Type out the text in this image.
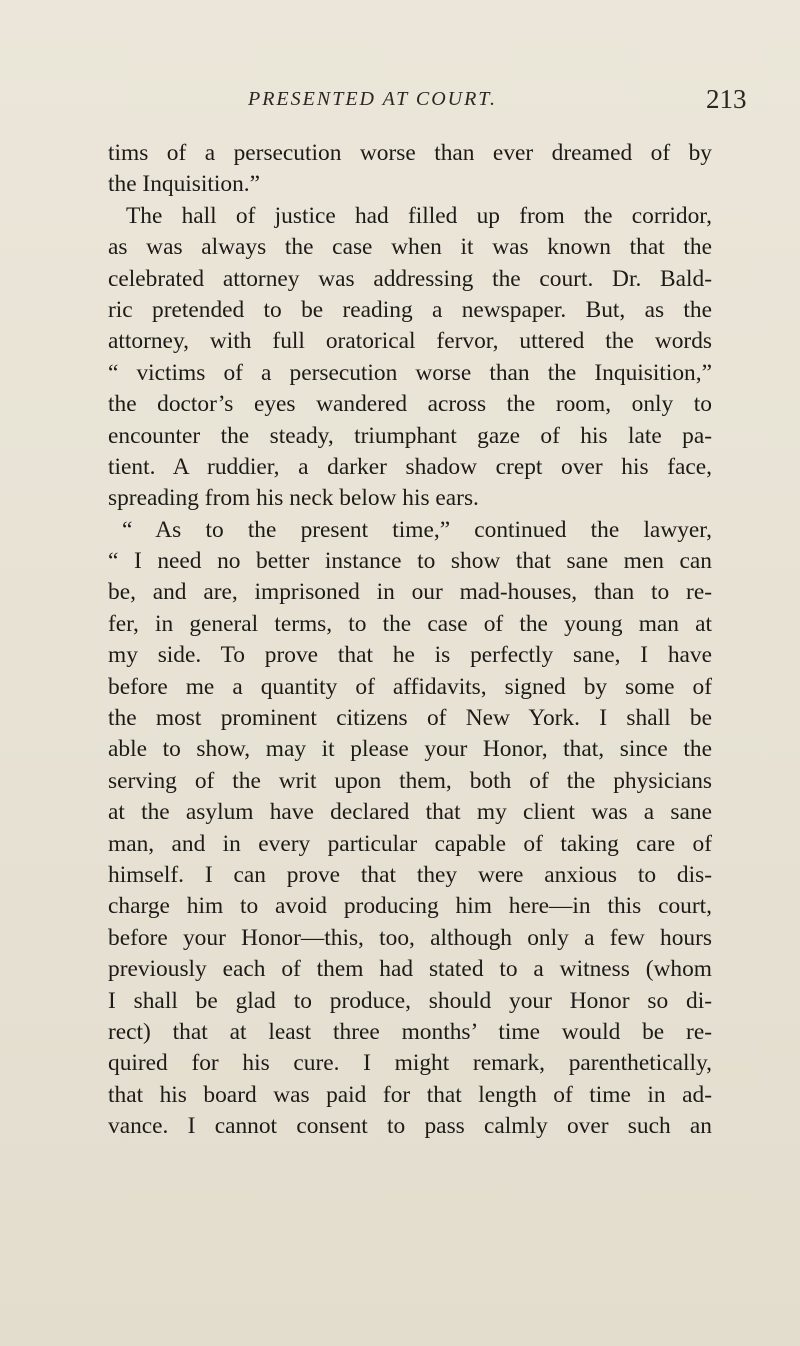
PRESENTED AT COURT.	213
tims of a persecution worse than ever dreamed of by
the Inquisition.”
The hall of justice had filled up from the corridor,
as was always the case when it was known that the
celebrated attorney was addressing the court. Dr. Bald-
ric pretended to be reading a newspaper. But, as the
attorney, with full oratorical fervor, uttered the words
“ victims of a persecution worse than the Inquisition,”
the doctor’s eyes wandered across the room, only to
encounter the steady, triumphant gaze of his late pa-
tient. A ruddier, a darker shadow crept over his face,
spreading from his neck below his ears.
“ As to the present time,” continued the lawyer,
“ I need no better instance to show that sane men can
be, and are, imprisoned in our mad-houses, than to re-
fer, in general terms, to the case of the young man at
my side. To prove that he is perfectly sane, I have
before me a quantity of affidavits, signed by some of
the most prominent citizens of New York. I shall be
able to show, may it please your Honor, that, since the
serving of the writ upon them, both of the physicians
at the asylum have declared that my client was a sane
man, and in every particular capable of taking care of
himself. I can prove that they were anxious to dis-
charge him to avoid producing him here—in this court,
before your Honor—this, too, although only a few hours
previously each of them had stated to a witness (whom
I shall be glad to produce, should your Honor so di-
rect) that at least three months’ time would be re-
quired for his cure. I might remark, parenthetically,
that his board was paid for that length of time in ad-
vance. I cannot consent to pass calmly over such an
